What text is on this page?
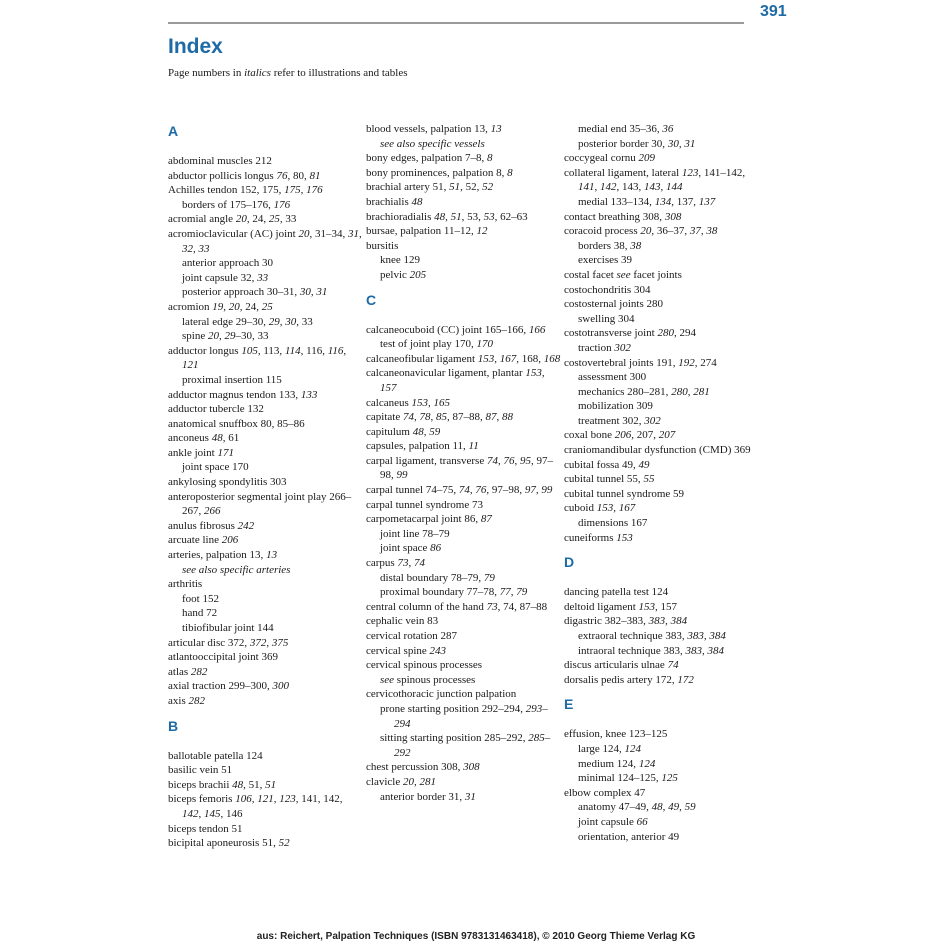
391
Index
Page numbers in italics refer to illustrations and tables
A
abdominal muscles 212
abductor pollicis longus 76, 80, 81
Achilles tendon 152, 175, 175, 176
borders of 175–176, 176
acromial angle 20, 24, 25, 33
acromioclavicular (AC) joint 20, 31–34, 31, 32, 33
anterior approach 30
joint capsule 32, 33
posterior approach 30–31, 30, 31
acromion 19, 20, 24, 25
lateral edge 29–30, 29, 30, 33
spine 20, 29–30, 33
adductor longus 105, 113, 114, 116, 116, 121
proximal insertion 115
adductor magnus tendon 133, 133
adductor tubercle 132
anatomical snuffbox 80, 85–86
anconeus 48, 61
ankle joint 171
joint space 170
ankylosing spondylitis 303
anteroposterior segmental joint play 266–267, 266
anulus fibrosus 242
arcuate line 206
arteries, palpation 13, 13
see also specific arteries
arthritis
foot 152
hand 72
tibiofibular joint 144
articular disc 372, 372, 375
atlantooccipital joint 369
atlas 282
axial traction 299–300, 300
axis 282
B
ballotable patella 124
basilic vein 51
biceps brachii 48, 51, 51
biceps femoris 106, 121, 123, 141, 142, 142, 145, 146
biceps tendon 51
bicipital aponeurosis 51, 52
blood vessels, palpation 13, 13
see also specific vessels
bony edges, palpation 7–8, 8
bony prominences, palpation 8, 8
brachial artery 51, 51, 52, 52
brachialis 48
brachioradialis 48, 51, 53, 53, 62–63
bursae, palpation 11–12, 12
bursitis
knee 129
pelvic 205
C
calcaneocuboid (CC) joint 165–166, 166
test of joint play 170, 170
calcaneofibular ligament 153, 167, 168, 168
calcaneonavicular ligament, plantar 153, 157
calcaneus 153, 165
capitate 74, 78, 85, 87–88, 87, 88
capitulum 48, 59
capsules, palpation 11, 11
carpal ligament, transverse 74, 76, 95, 97–98, 99
carpal tunnel 74–75, 74, 76, 97–98, 97, 99
carpal tunnel syndrome 73
carpometacarpal joint 86, 87
joint line 78–79
joint space 86
carpus 73, 74
distal boundary 78–79, 79
proximal boundary 77–78, 77, 79
central column of the hand 73, 74, 87–88
cephalic vein 83
cervical rotation 287
cervical spine 243
cervical spinous processes
see spinous processes
cervicothoracic junction palpation
prone starting position 292–294, 293–294
sitting starting position 285–292, 285–292
chest percussion 308, 308
clavicle 20, 281
anterior border 31, 31
medial end 35–36, 36
posterior border 30, 30, 31
coccygeal cornu 209
collateral ligament, lateral 123, 141–142, 141, 142, 143, 143, 144
medial 133–134, 134, 137, 137
contact breathing 308, 308
coracoid process 20, 36–37, 37, 38
borders 38, 38
exercises 39
costal facet see facet joints
costochondritis 304
costosternal joints 280
swelling 304
costotransverse joint 280, 294
traction 302
costovertebral joints 191, 192, 274
assessment 300
mechanics 280–281, 280, 281
mobilization 309
treatment 302, 302
coxal bone 206, 207, 207
craniomandibular dysfunction (CMD) 369
cubital fossa 49, 49
cubital tunnel 55, 55
cubital tunnel syndrome 59
cuboid 153, 167
dimensions 167
cuneiforms 153
D
dancing patella test 124
deltoid ligament 153, 157
digastric 382–383, 383, 384
extraoral technique 383, 383, 384
intraoral technique 383, 383, 384
discus articularis ulnae 74
dorsalis pedis artery 172, 172
E
effusion, knee 123–125
large 124, 124
medium 124, 124
minimal 124–125, 125
elbow complex 47
anatomy 47–49, 48, 49, 59
joint capsule 66
orientation, anterior 49
aus: Reichert, Palpation Techniques (ISBN 9783131463418), © 2010 Georg Thieme Verlag KG
